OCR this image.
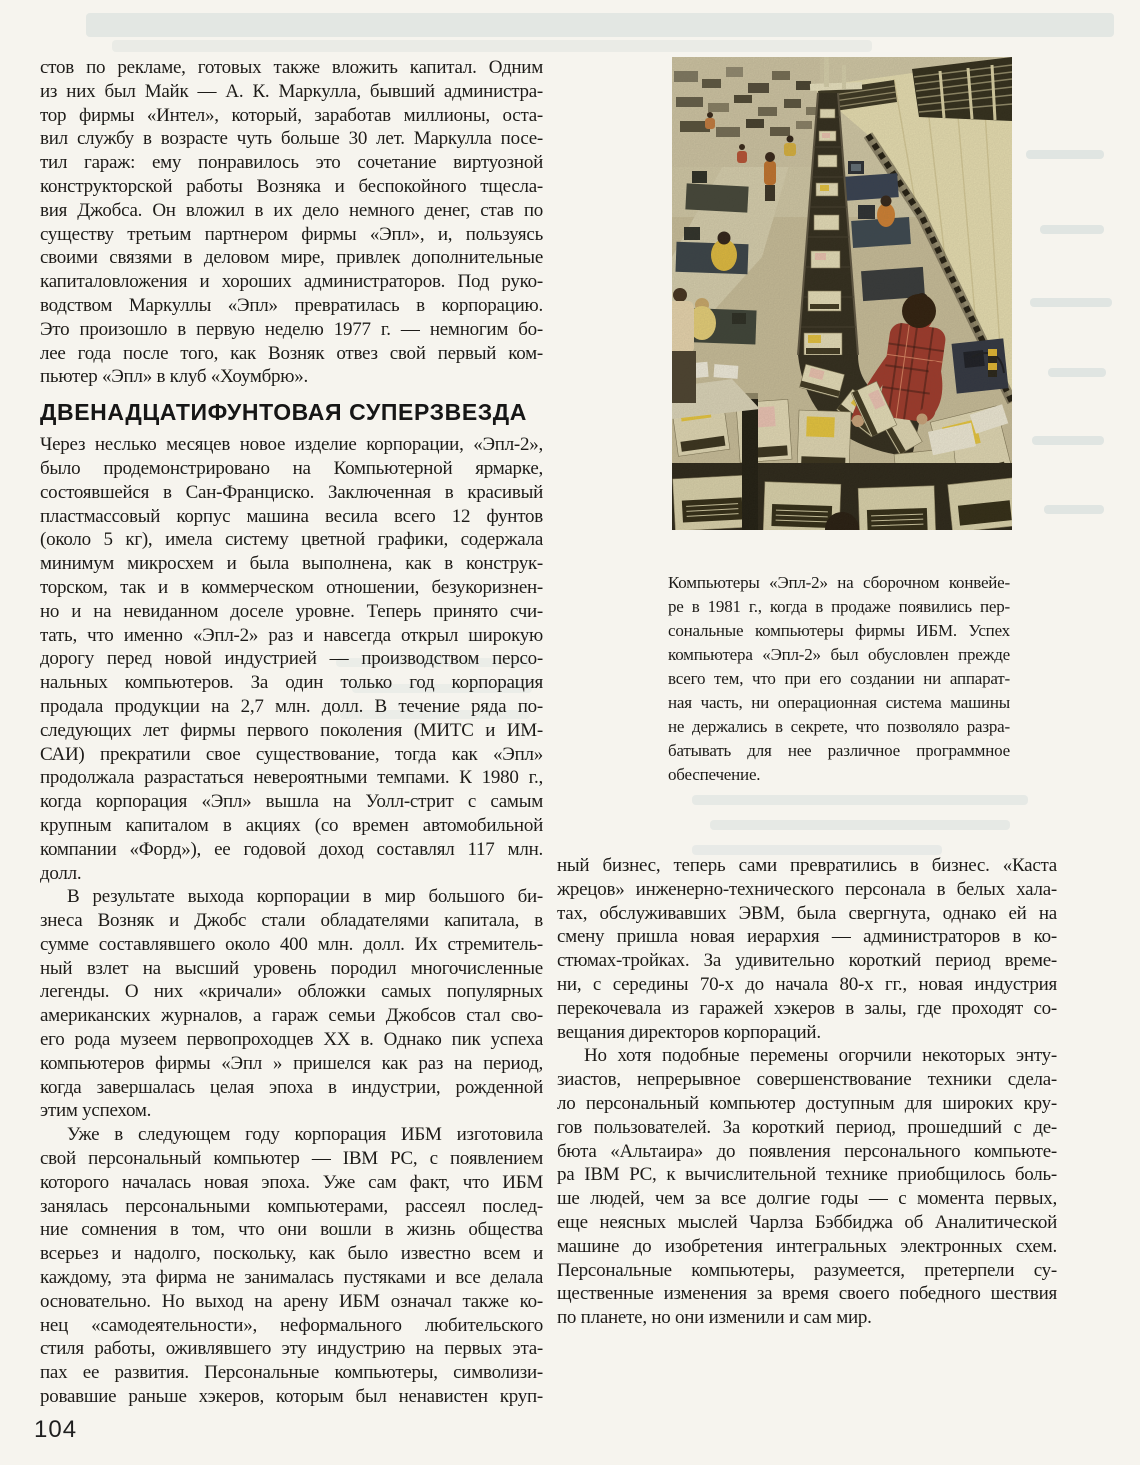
стов по рекламе, готовых также вложить капитал. Одним
из них был Майк — А. К. Маркулла, бывший администра-
тор фирмы «Интел», который, заработав миллионы, оста-
вил службу в возрасте чуть больше 30 лет. Маркулла посе-
тил гараж: ему понравилось это сочетание виртуозной
конструкторской работы Возняка и беспокойного тщесла-
вия Джобса. Он вложил в их дело немного денег, став по
существу третьим партнером фирмы «Эпл», и, пользуясь
своими связями в деловом мире, привлек дополнительные
капиталовложения и хороших администраторов. Под руко-
водством Маркуллы «Эпл» превратилась в корпорацию.
Это произошло в первую неделю 1977 г. — немногим бо-
лее года после того, как Возняк отвез свой первый ком-
пьютер «Эпл» в клуб «Хоумбрю».
ДВЕНАДЦАТИФУНТОВАЯ СУПЕРЗВЕЗДА
Через неслько месяцев новое изделие корпорации, «Эпл-2»,
было продемонстрировано на Компьютерной ярмарке,
состоявшейся в Сан-Франциско. Заключенная в красивый
пластмассовый корпус машина весила всего 12 фунтов
(около 5 кг), имела систему цветной графики, содержала
минимум микросхем и была выполнена, как в конструк-
торском, так и в коммерческом отношении, безукоризнен-
но и на невиданном доселе уровне. Теперь принято счи-
тать, что именно «Эпл-2» раз и навсегда открыл широкую
дорогу перед новой индустрией — производством персо-
нальных компьютеров. За один только год корпорация
продала продукции на 2,7 млн. долл. В течение ряда по-
следующих лет фирмы первого поколения (МИТС и ИМ-
САИ) прекратили свое существование, тогда как «Эпл»
продолжала разрастаться невероятными темпами. К 1980 г.,
когда корпорация «Эпл» вышла на Уолл-стрит с самым
крупным капиталом в акциях (со времен автомобильной
компании «Форд»), ее годовой доход составлял 117 млн.
долл.
В результате выхода корпорации в мир большого би-
знеса Возняк и Джобс стали обладателями капитала, в
сумме составлявшего около 400 млн. долл. Их стремитель-
ный взлет на высший уровень породил многочисленные
легенды. О них «кричали» обложки самых популярных
американских журналов, а гараж семьи Джобсов стал сво-
его рода музеем первопроходцев XX в. Однако пик успеха
компьютеров фирмы «Эпл » пришелся как раз на период,
когда завершалась целая эпоха в индустрии, рожденной
этим успехом.
Уже в следующем году корпорация ИБМ изготовила
свой персональный компьютер — IBM PC, с появлением
которого началась новая эпоха. Уже сам факт, что ИБМ
занялась персональными компьютерами, рассеял послед-
ние сомнения в том, что они вошли в жизнь общества
всерьез и надолго, поскольку, как было известно всем и
каждому, эта фирма не занималась пустяками и все делала
основательно. Но выход на арену ИБМ означал также ко-
нец «самодеятельности», неформального любительского
стиля работы, оживлявшего эту индустрию на первых эта-
пах ее развития. Персональные компьютеры, символизи-
ровавшие раньше хэкеров, которым был ненавистен круп-
Компьютеры «Эпл-2» на сборочном конвейе-
ре в 1981 г., когда в продаже появились пер-
сональные компьютеры фирмы ИБМ. Успех
компьютера «Эпл-2» был обусловлен прежде
всего тем, что при его создании ни аппарат-
ная часть, ни операционная система машины
не держались в секрете, что позволяло разра-
батывать для нее различное программное
обеспечение.
ный бизнес, теперь сами превратились в бизнес. «Каста
жрецов» инженерно-технического персонала в белых хала-
тах, обслуживавших ЭВМ, была свергнута, однако ей на
смену пришла новая иерархия — администраторов в ко-
стюмах-тройках. За удивительно короткий период време-
ни, с середины 70-х до начала 80-х гг., новая индустрия
перекочевала из гаражей хэкеров в залы, где проходят со-
вещания директоров корпораций.
Но хотя подобные перемены огорчили некоторых энту-
зиастов, непрерывное совершенствование техники сдела-
ло персональный компьютер доступным для широких кру-
гов пользователей. За короткий период, прошедший с де-
бюта «Альтаира» до появления персонального компьюте-
ра IBM PC, к вычислительной технике приобщилось боль-
ше людей, чем за все долгие годы — с момента первых,
еще неясных мыслей Чарлза Бэббиджа об Аналитической
машине до изобретения интегральных электронных схем.
Персональные компьютеры, разумеется, претерпели су-
щественные изменения за время своего победного шествия
по планете, но они изменили и сам мир.
104
